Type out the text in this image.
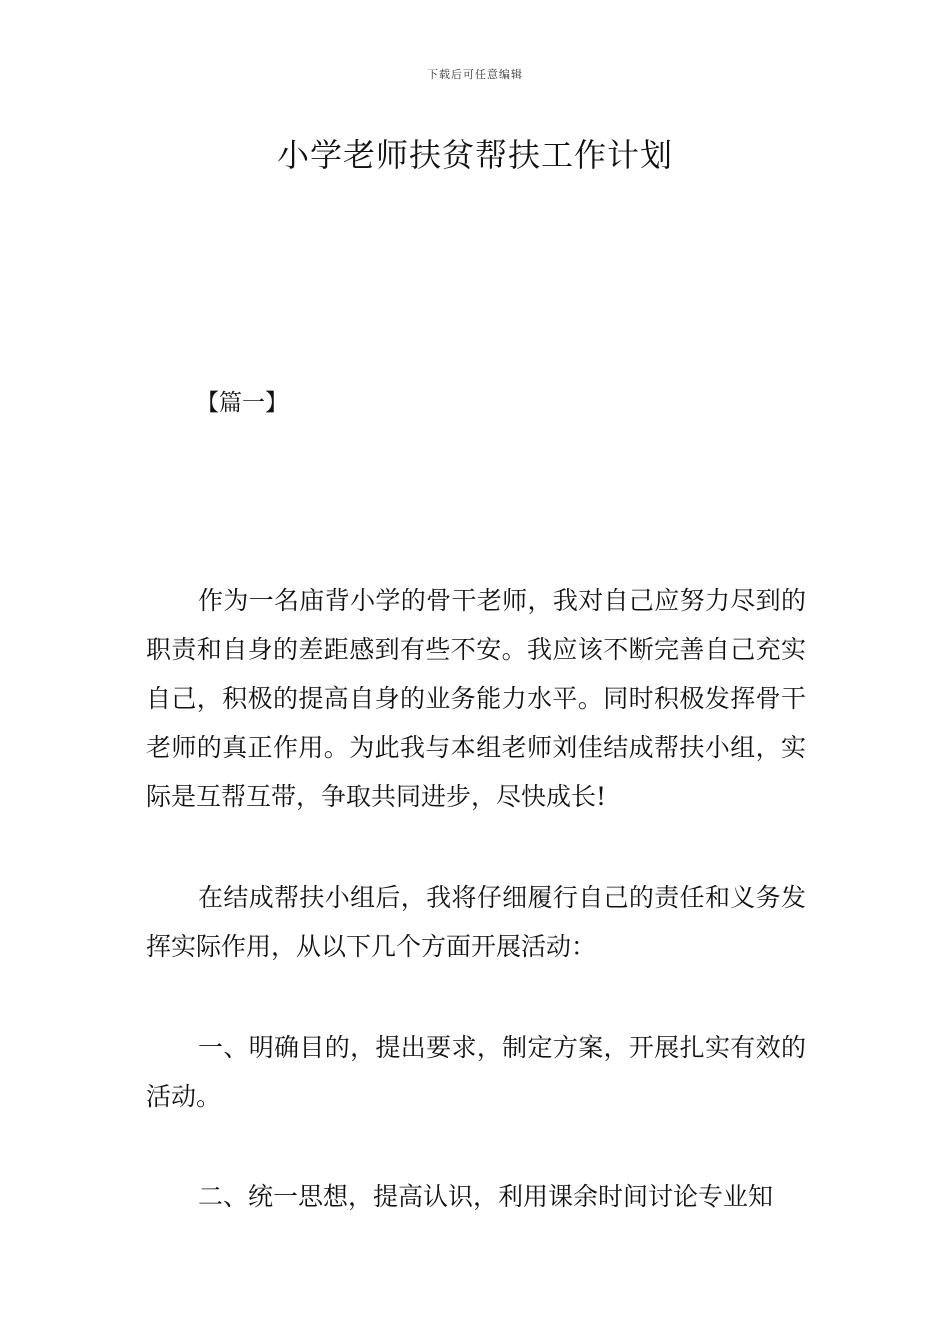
下载后可任意编辑
小学老师扶贫帮扶工作计划
【篇一】
作为一名庙背小学的骨干老师，我对自己应努力尽到的职责和自身的差距感到有些不安。我应该不断完善自己充实自己，积极的提高自身的业务能力水平。同时积极发挥骨干老师的真正作用。为此我与本组老师刘佳结成帮扶小组，实际是互帮互带，争取共同进步，尽快成长!
在结成帮扶小组后，我将仔细履行自己的责任和义务发挥实际作用，从以下几个方面开展活动：
一、明确目的，提出要求，制定方案，开展扎实有效的活动。
二、统一思想，提高认识，利用课余时间讨论专业知
